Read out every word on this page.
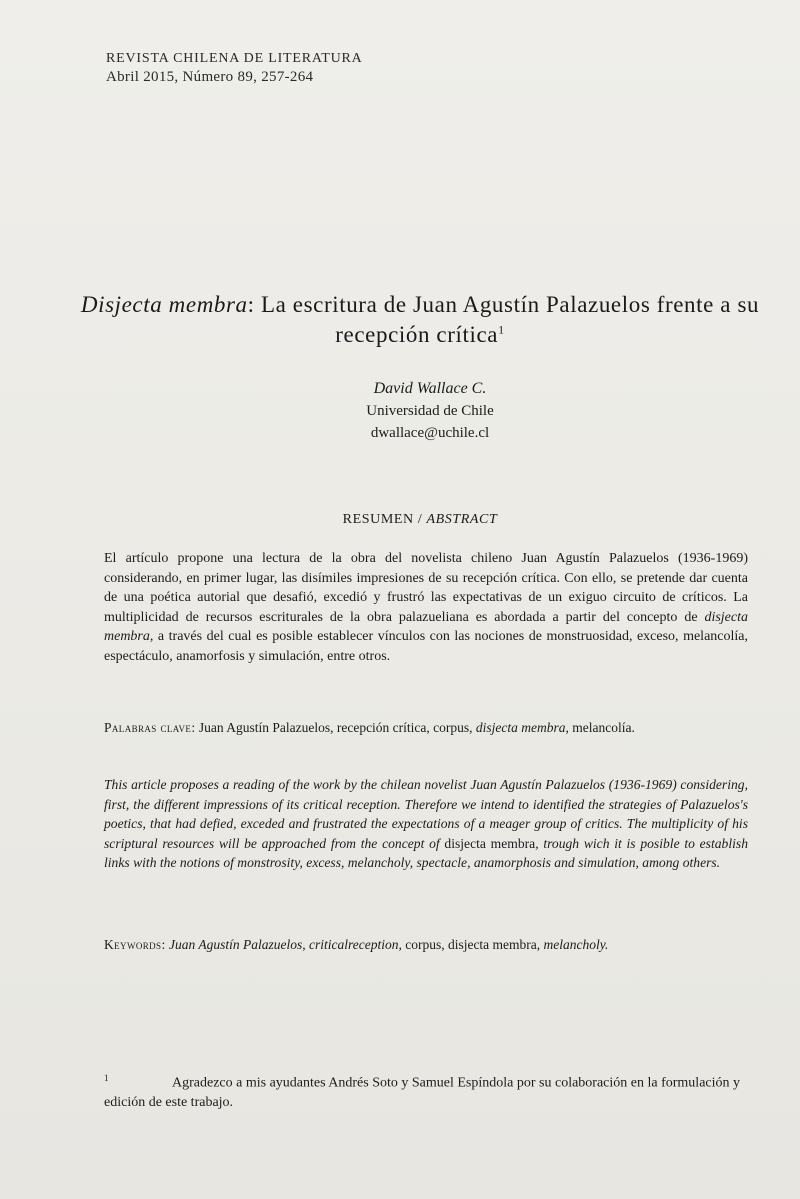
REVISTA CHILENA DE LITERATURA
Abril 2015, Número 89, 257-264
Disjecta membra: La escritura de Juan Agustín Palazuelos frente a su recepción crítica$^1$
David Wallace C.
Universidad de Chile
dwallace@uchile.cl
RESUMEN / ABSTRACT
El artículo propone una lectura de la obra del novelista chileno Juan Agustín Palazuelos (1936-1969) considerando, en primer lugar, las disímiles impresiones de su recepción crítica. Con ello, se pretende dar cuenta de una poética autorial que desafió, excedió y frustró las expectativas de un exiguo circuito de críticos. La multiplicidad de recursos escriturales de la obra palazueliana es abordada a partir del concepto de disjecta membra, a través del cual es posible establecer vínculos con las nociones de monstruosidad, exceso, melancolía, espectáculo, anamorfosis y simulación, entre otros.
Palabras clave: Juan Agustín Palazuelos, recepción crítica, corpus, disjecta membra, melancolía.
This article proposes a reading of the work by the chilean novelist Juan Agustín Palazuelos (1936-1969) considering, first, the different impressions of its critical reception. Therefore we intend to identified the strategies of Palazuelos's poetics, that had defied, exceded and frustrated the expectations of a meager group of critics. The multiplicity of his scriptural resources will be approached from the concept of disjecta membra, trough wich it is posible to establish links with the notions of monstrosity, excess, melancholy, spectacle, anamorphosis and simulation, among others.
Keywords: Juan Agustín Palazuelos, criticalreception, corpus, disjecta membra, melancholy.
$^1$	Agradezco a mis ayudantes Andrés Soto y Samuel Espíndola por su colaboración en la formulación y edición de este trabajo.
